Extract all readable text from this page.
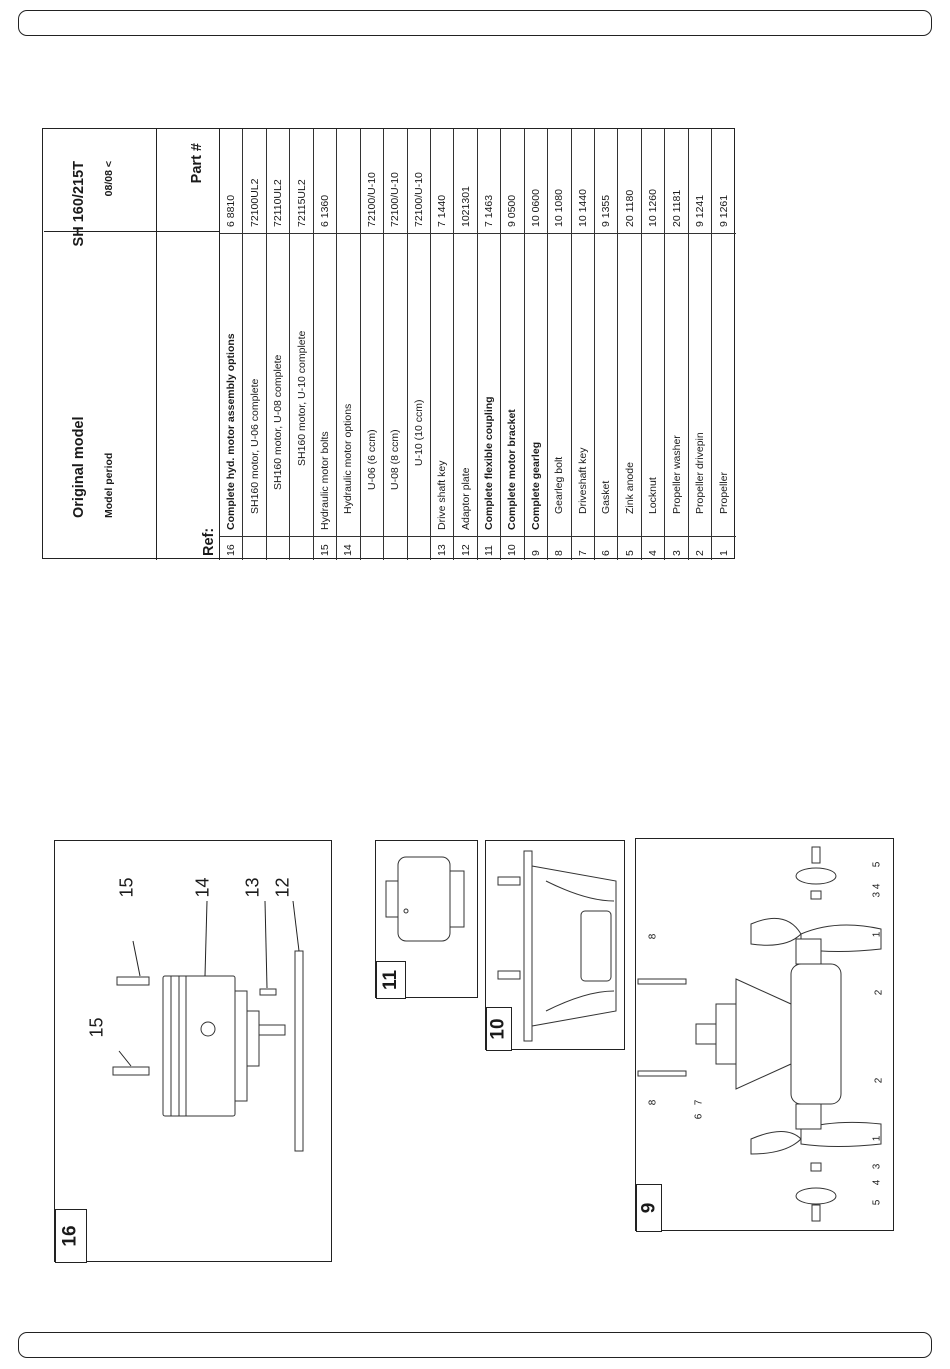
Original model
SH 160/215T
Model period
08/08 <
Ref:
Part #
16
Complete hyd. motor assembly options
6 8810
SH160 motor, U-06 complete
72100UL2
SH160 motor, U-08 complete
72110UL2
SH160 motor, U-10 complete
72115UL2
15
Hydraulic motor bolts
6 1360
14
Hydraulic motor options	U-06 (6 ccm)
72100/U-10
U-08 (8 ccm)
72100/U-10
U-10 (10 ccm)
72100/U-10
13
Drive shaft key
7 1440
12
Adaptor plate
1021301
11
Complete flexible coupling
7 1463
10
Complete motor bracket
9 0500
9
Complete gearleg
10 0600
8
Gearleg bolt
10 1080
7
Driveshaft key
10 1440
6
Gasket
9 1355
5
Zink anode
20 1180
4
Locknut
10 1260
3
Propeller washer
20 1181
2
Propeller drivepin
9 1241
1
Propeller
9 1261
15	14 13 12
15
16
11
10
5
3 4
1
2
8
2
7
6
8
1
3
4
5
9
